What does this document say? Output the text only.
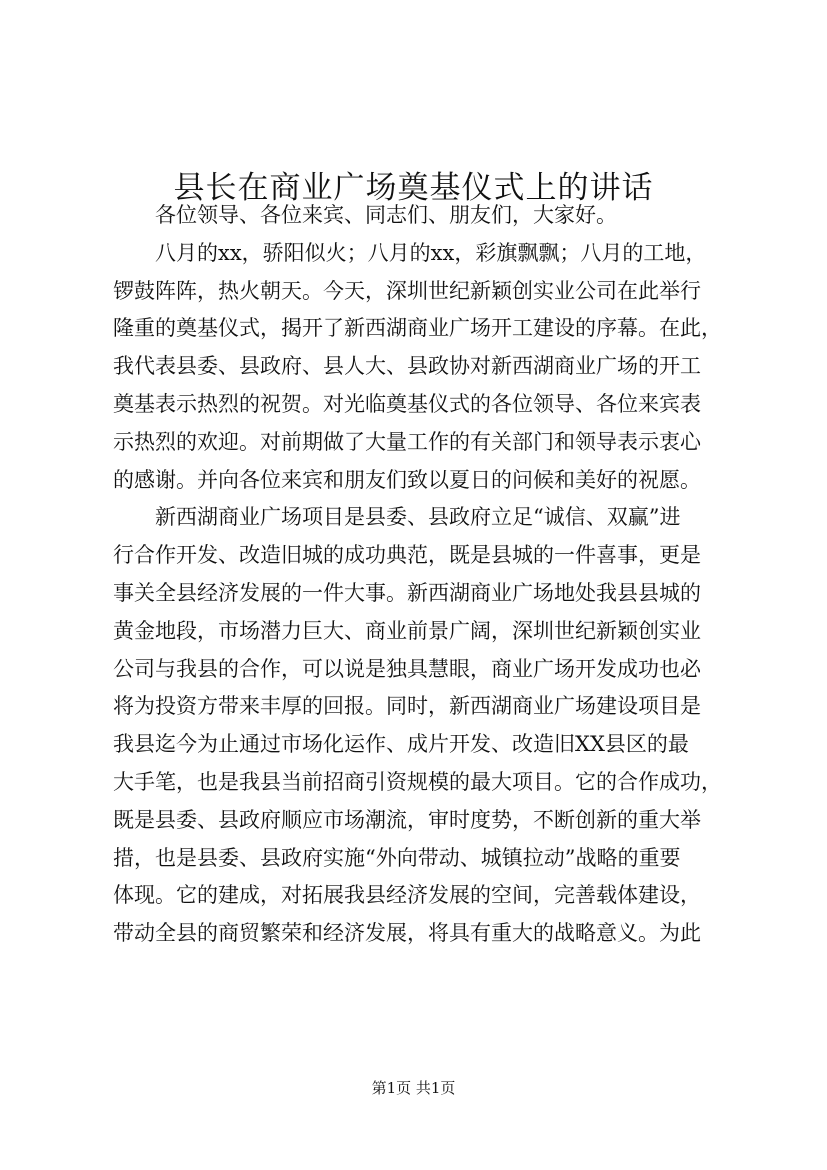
县长在商业广场奠基仪式上的讲话

各位领导、各位来宾、同志们、朋友们，大家好。

八月的xx，骄阳似火；八月的xx，彩旗飘飘；八月的工地，
锣鼓阵阵，热火朝天。今天，深圳世纪新颖创实业公司在此举行
隆重的奠基仪式，揭开了新西湖商业广场开工建设的序幕。在此，
我代表县委、县政府、县人大、县政协对新西湖商业广场的开工
奠基表示热烈的祝贺。对光临奠基仪式的各位领导、各位来宾表
示热烈的欢迎。对前期做了大量工作的有关部门和领导表示衷心
的感谢。并向各位来宾和朋友们致以夏日的问候和美好的祝愿。

新西湖商业广场项目是县委、县政府立足“诚信、双赢”进
行合作开发、改造旧城的成功典范，既是县城的一件喜事，更是
事关全县经济发展的一件大事。新西湖商业广场地处我县县城的
黄金地段，市场潜力巨大、商业前景广阔，深圳世纪新颖创实业
公司与我县的合作，可以说是独具慧眼，商业广场开发成功也必
将为投资方带来丰厚的回报。同时，新西湖商业广场建设项目是
我县迄今为止通过市场化运作、成片开发、改造旧XX县区的最
大手笔，也是我县当前招商引资规模的最大项目。它的合作成功，
既是县委、县政府顺应市场潮流，审时度势，不断创新的重大举
措，也是县委、县政府实施“外向带动、城镇拉动”战略的重要
体现。它的建成，对拓展我县经济发展的空间，完善载体建设，
带动全县的商贸繁荣和经济发展，将具有重大的战略意义。为此

第1页 共1页
